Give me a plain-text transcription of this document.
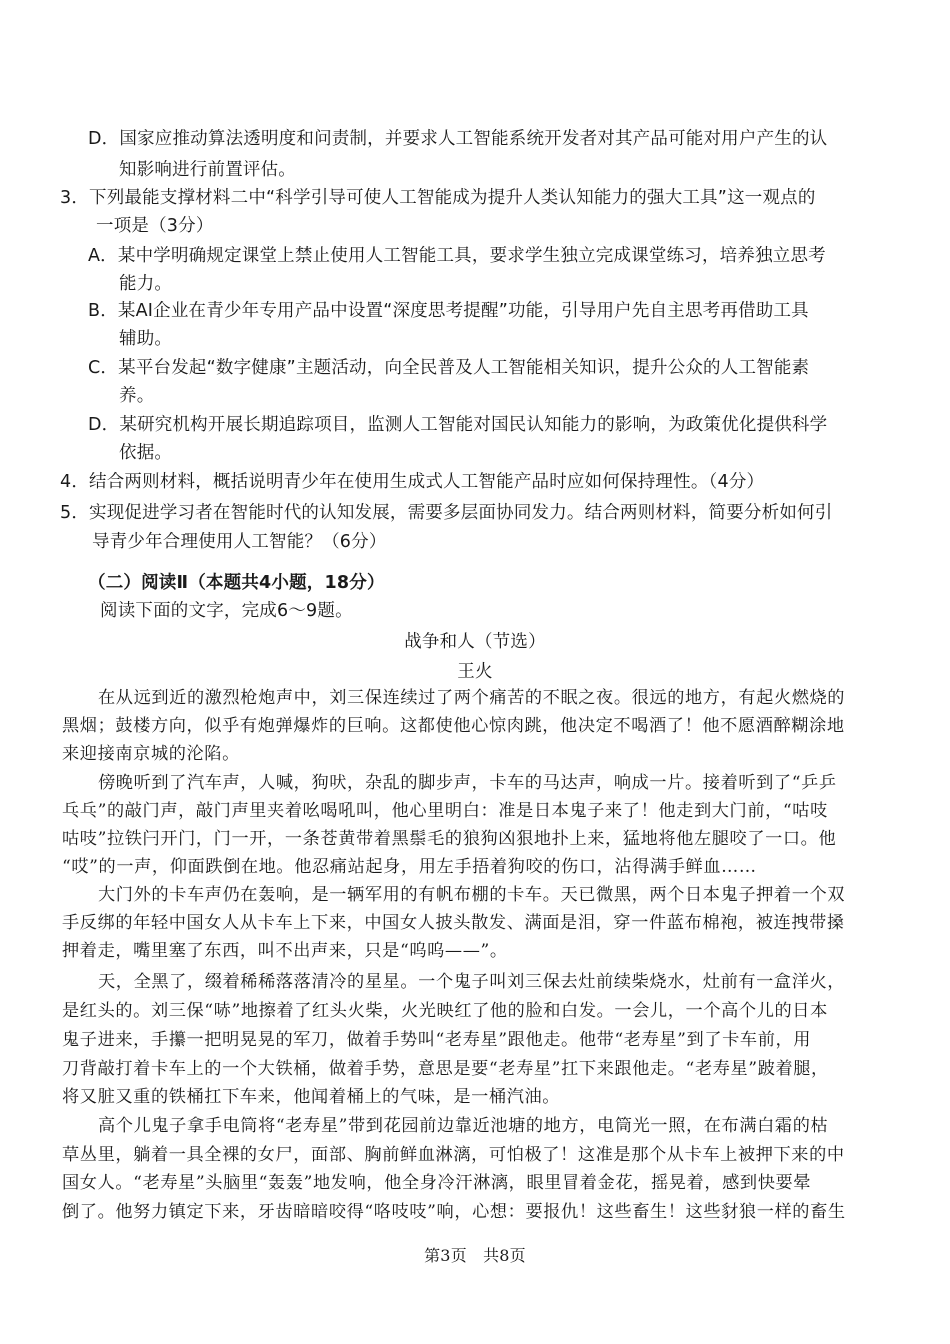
D．国家应推动算法透明度和问责制，并要求人工智能系统开发者对其产品可能对用户产生的认
知影响进行前置评估。
3．下列最能支撑材料二中“科学引导可使人工智能成为提升人类认知能力的强大工具”这一观点的
一项是（3分）
A．某中学明确规定课堂上禁止使用人工智能工具，要求学生独立完成课堂练习，培养独立思考
能力。
B．某AI企业在青少年专用产品中设置“深度思考提醒”功能，引导用户先自主思考再借助工具
辅助。
C．某平台发起“数字健康”主题活动，向全民普及人工智能相关知识，提升公众的人工智能素
养。
D．某研究机构开展长期追踪项目，监测人工智能对国民认知能力的影响，为政策优化提供科学
依据。
4．结合两则材料，概括说明青少年在使用生成式人工智能产品时应如何保持理性。（4分）
5．实现促进学习者在智能时代的认知发展，需要多层面协同发力。结合两则材料，简要分析如何引
导青少年合理使用人工智能？（6分）
（二）阅读Ⅱ（本题共4小题，18分）
阅读下面的文字，完成6～9题。
战争和人（节选）
王火
在从远到近的激烈枪炮声中，刘三保连续过了两个痛苦的不眠之夜。很远的地方，有起火燃烧的
黑烟；鼓楼方向，似乎有炮弹爆炸的巨响。这都使他心惊肉跳，他决定不喝酒了！他不愿酒醉糊涂地
来迎接南京城的沦陷。
傍晚听到了汽车声，人喊，狗吠，杂乱的脚步声，卡车的马达声，响成一片。接着听到了“乒乒
乓乓”的敲门声，敲门声里夹着吆喝吼叫，他心里明白：准是日本鬼子来了！他走到大门前，“咕吱
咕吱”拉铁闩开门，门一开，一条苍黄带着黑鬃毛的狼狗凶狠地扑上来，猛地将他左腿咬了一口。他
“哎”的一声，仰面跌倒在地。他忍痛站起身，用左手捂着狗咬的伤口，沾得满手鲜血……
大门外的卡车声仍在轰响，是一辆军用的有帆布棚的卡车。天已微黑，两个日本鬼子押着一个双
手反绑的年轻中国女人从卡车上下来，中国女人披头散发、满面是泪，穿一件蓝布棉袍，被连拽带搡
押着走，嘴里塞了东西，叫不出声来，只是“呜呜——”。
天，全黑了，缀着稀稀落落清冷的星星。一个鬼子叫刘三保去灶前续柴烧水，灶前有一盒洋火，
是红头的。刘三保“哧”地擦着了红头火柴，火光映红了他的脸和白发。一会儿，一个高个儿的日本
鬼子进来，手攥一把明晃晃的军刀，做着手势叫“老寿星”跟他走。他带“老寿星”到了卡车前，用
刀背敲打着卡车上的一个大铁桶，做着手势，意思是要“老寿星”扛下来跟他走。“老寿星”跛着腿，
将又脏又重的铁桶扛下车来，他闻着桶上的气味，是一桶汽油。
高个儿鬼子拿手电筒将“老寿星”带到花园前边靠近池塘的地方，电筒光一照，在布满白霜的枯
草丛里，躺着一具全裸的女尸，面部、胸前鲜血淋漓，可怕极了！这准是那个从卡车上被押下来的中
国女人。“老寿星”头脑里“轰轰”地发响，他全身冷汗淋漓，眼里冒着金花，摇晃着，感到快要晕
倒了。他努力镇定下来，牙齿暗暗咬得“咯吱吱”响，心想：要报仇！这些畜生！这些豺狼一样的畜生
第3页　共8页
